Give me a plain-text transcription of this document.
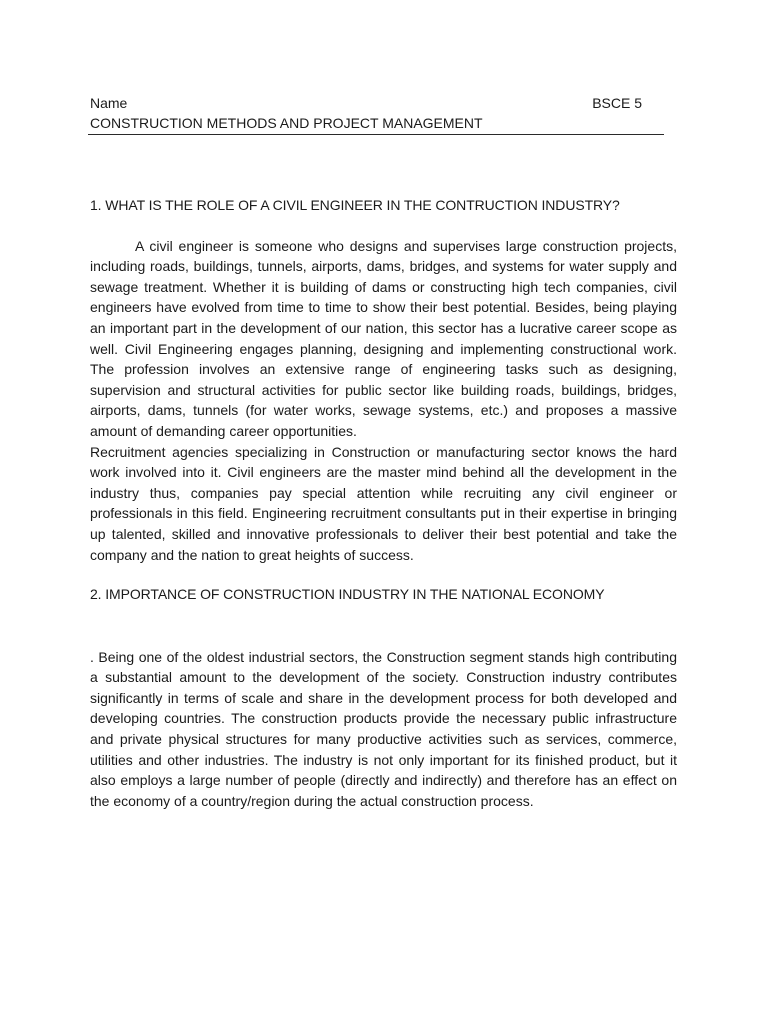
Name	BSCE 5
CONSTRUCTION METHODS AND PROJECT MANAGEMENT
1. WHAT IS THE ROLE OF A CIVIL ENGINEER IN THE CONTRUCTION INDUSTRY?

A civil engineer is someone who designs and supervises large construction projects, including roads, buildings, tunnels, airports, dams, bridges, and systems for water supply and sewage treatment. Whether it is building of dams or constructing high tech companies, civil engineers have evolved from time to time to show their best potential. Besides, being playing an important part in the development of our nation, this sector has a lucrative career scope as well. Civil Engineering engages planning, designing and implementing constructional work. The profession involves an extensive range of engineering tasks such as designing, supervision and structural activities for public sector like building roads, buildings, bridges, airports, dams, tunnels (for water works, sewage systems, etc.) and proposes a massive amount of demanding career opportunities.

Recruitment agencies specializing in Construction or manufacturing sector knows the hard work involved into it. Civil engineers are the master mind behind all the development in the industry thus, companies pay special attention while recruiting any civil engineer or professionals in this field. Engineering recruitment consultants put in their expertise in bringing up talented, skilled and innovative professionals to deliver their best potential and take the company and the nation to great heights of success.

2. IMPORTANCE OF CONSTRUCTION INDUSTRY IN THE NATIONAL ECONOMY

. Being one of the oldest industrial sectors, the Construction segment stands high contributing a substantial amount to the development of the society. Construction industry contributes significantly in terms of scale and share in the development process for both developed and developing countries. The construction products provide the necessary public infrastructure and private physical structures for many productive activities such as services, commerce, utilities and other industries. The industry is not only important for its finished product, but it also employs a large number of people (directly and indirectly) and therefore has an effect on the economy of a country/region during the actual construction process.
